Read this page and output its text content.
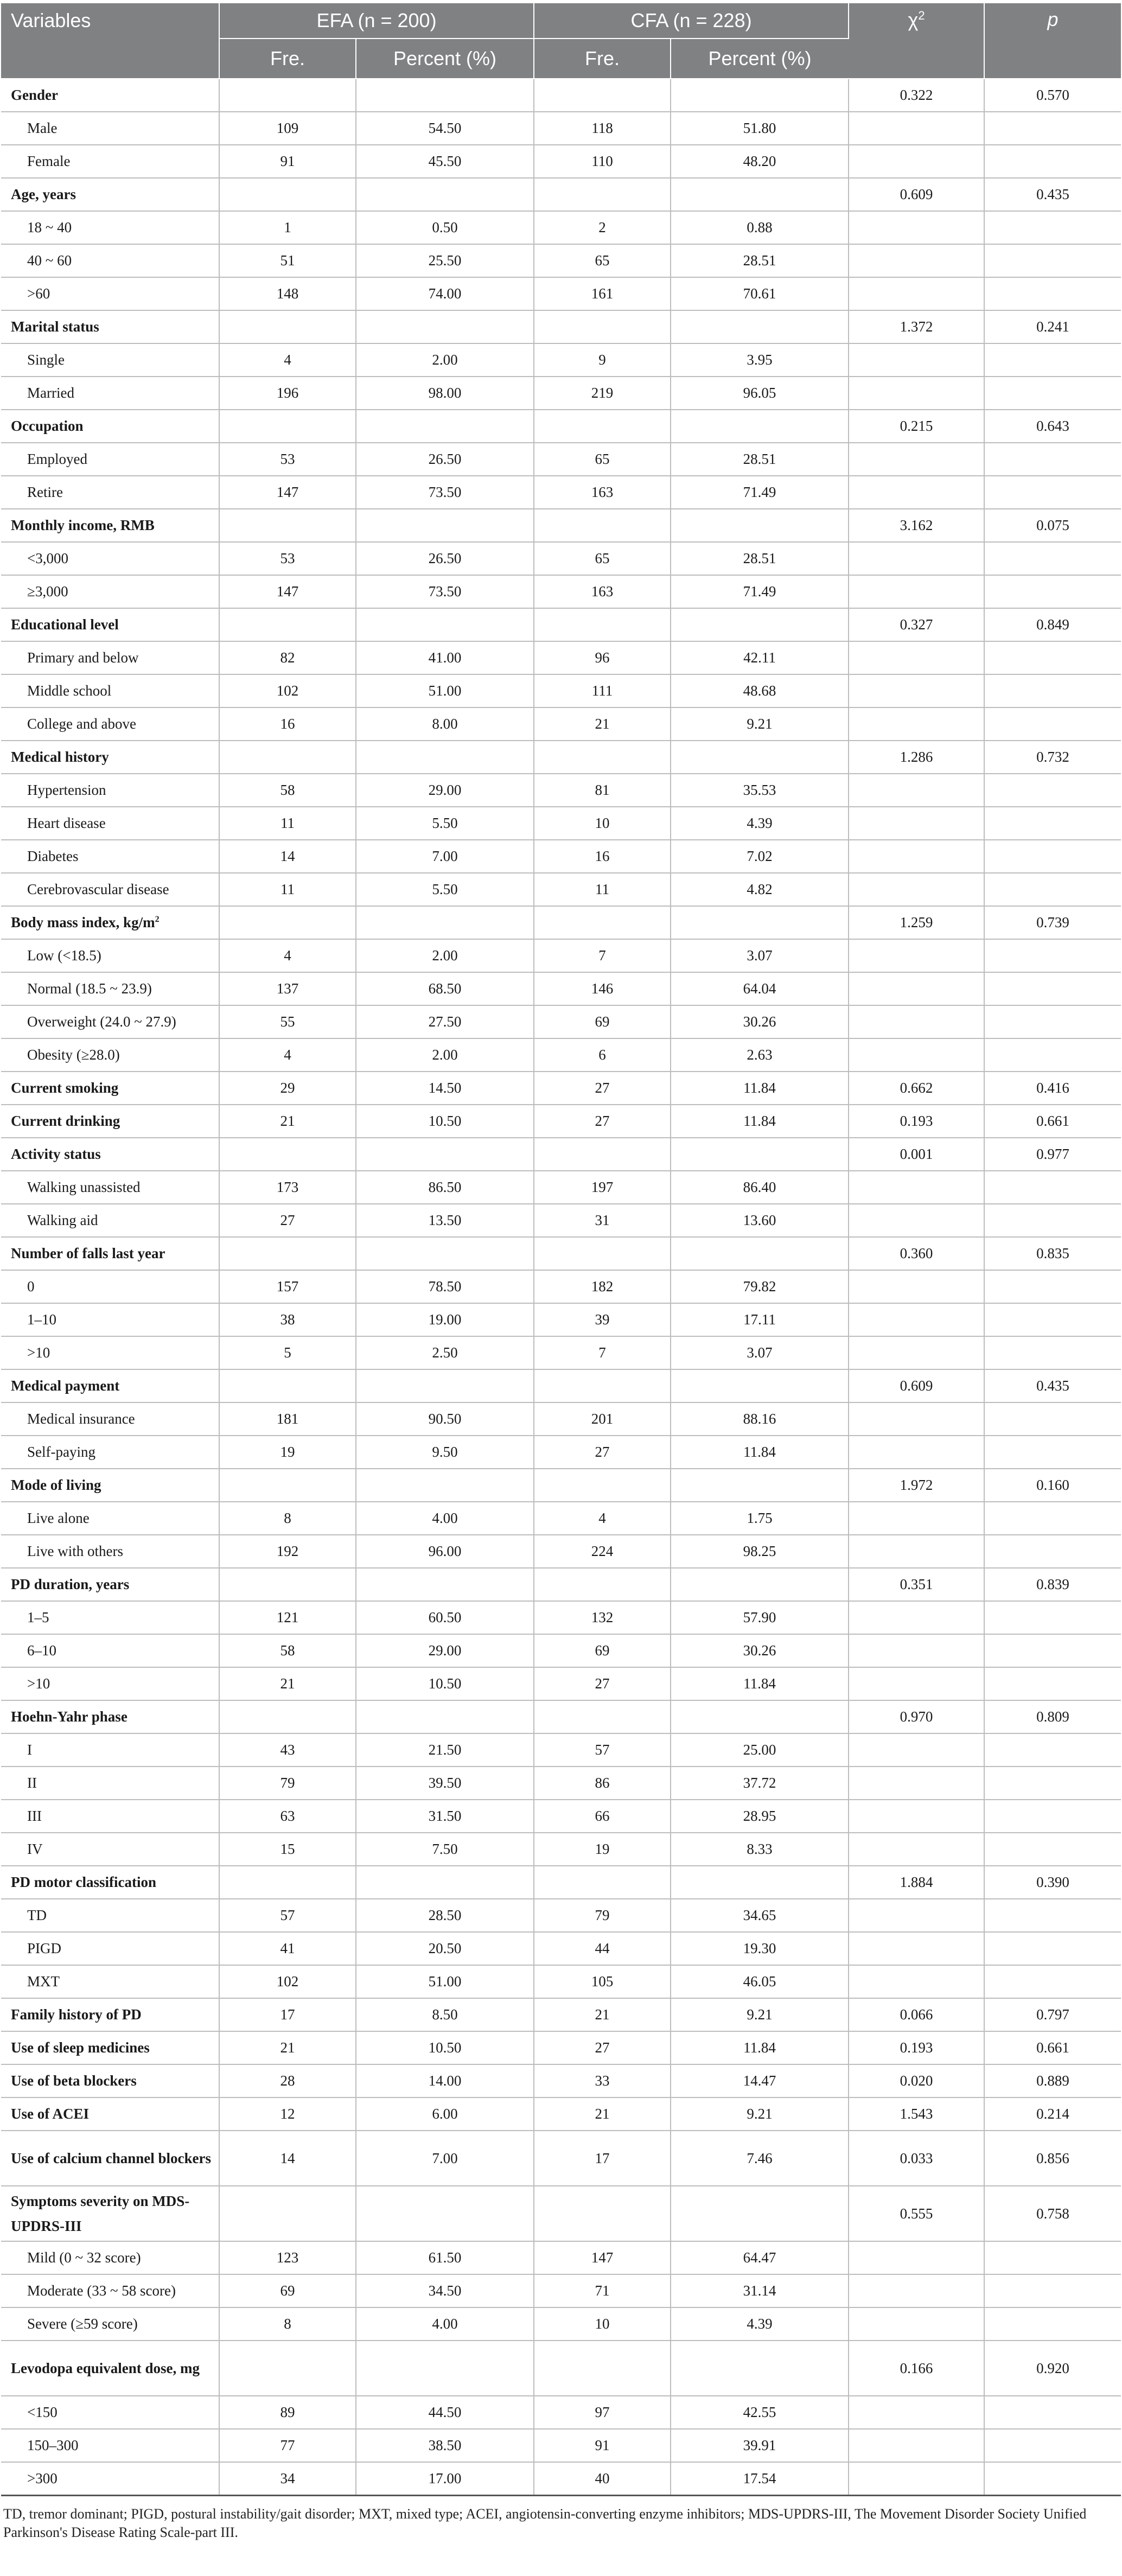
Variables	EFA (n = 200)		CFA (n = 228)		$\chi^2$	p
	Fre.	Percent (%)	Fre.	Percent (%)		
Gender					0.322	0.570
Male	109	54.50	118	51.80		
Female	91	45.50	110	48.20		
Age, years					0.609	0.435
18 ~ 40	1	0.50	2	0.88		
40 ~ 60	51	25.50	65	28.51		
>60	148	74.00	161	70.61		
Marital status					1.372	0.241
Single	4	2.00	9	3.95		
Married	196	98.00	219	96.05		
Occupation					0.215	0.643
Employed	53	26.50	65	28.51		
Retire	147	73.50	163	71.49		
Monthly income, RMB					3.162	0.075
<3,000	53	26.50	65	28.51		
≥3,000	147	73.50	163	71.49		
Educational level					0.327	0.849
Primary and below	82	41.00	96	42.11		
Middle school	102	51.00	111	48.68		
College and above	16	8.00	21	9.21		
Medical history					1.286	0.732
Hypertension	58	29.00	81	35.53		
Heart disease	11	5.50	10	4.39		
Diabetes	14	7.00	16	7.02		
Cerebrovascular disease	11	5.50	11	4.82		
Body mass index, $kg/m^2$					1.259	0.739
Low (<18.5)	4	2.00	7	3.07		
Normal (18.5 ~ 23.9)	137	68.50	146	64.04		
Overweight (24.0 ~ 27.9)	55	27.50	69	30.26		
Obesity (≥28.0)	4	2.00	6	2.63		
Current smoking	29	14.50	27	11.84	0.662	0.416
Current drinking	21	10.50	27	11.84	0.193	0.661
Activity status					0.001	0.977
Walking unassisted	173	86.50	197	86.40		
Walking aid	27	13.50	31	13.60		
Number of falls last year					0.360	0.835
0	157	78.50	182	79.82		
1–10	38	19.00	39	17.11		
>10	5	2.50	7	3.07		
Medical payment					0.609	0.435
Medical insurance	181	90.50	201	88.16		
Self-paying	19	9.50	27	11.84		
Mode of living					1.972	0.160
Live alone	8	4.00	4	1.75		
Live with others	192	96.00	224	98.25		
PD duration, years					0.351	0.839
1–5	121	60.50	132	57.90		
6–10	58	29.00	69	30.26		
>10	21	10.50	27	11.84		
Hoehn-Yahr phase					0.970	0.809
I	43	21.50	57	25.00		
II	79	39.50	86	37.72		
III	63	31.50	66	28.95		
IV	15	7.50	19	8.33		
PD motor classification					1.884	0.390
TD	57	28.50	79	34.65		
PIGD	41	20.50	44	19.30		
MXT	102	51.00	105	46.05		
Family history of PD	17	8.50	21	9.21	0.066	0.797
Use of sleep medicines	21	10.50	27	11.84	0.193	0.661
Use of beta blockers	28	14.00	33	14.47	0.020	0.889
Use of ACEI	12	6.00	21	9.21	1.543	0.214
Use of calcium channel blockers	14	7.00	17	7.46	0.033	0.856
Symptoms severity on MDS-UPDRS-III					0.555	0.758
Mild (0 ~ 32 score)	123	61.50	147	64.47		
Moderate (33 ~ 58 score)	69	34.50	71	31.14		
Severe (≥59 score)	8	4.00	10	4.39		
Levodopa equivalent dose, mg					0.166	0.920
<150	89	44.50	97	42.55		
150–300	77	38.50	91	39.91		
>300	34	17.00	40	17.54		
TD, tremor dominant; PIGD, postural instability/gait disorder; MXT, mixed type; ACEI, angiotensin-converting enzyme inhibitors; MDS-UPDRS-III, The Movement Disorder Society Unified Parkinson's Disease Rating Scale-part III.
